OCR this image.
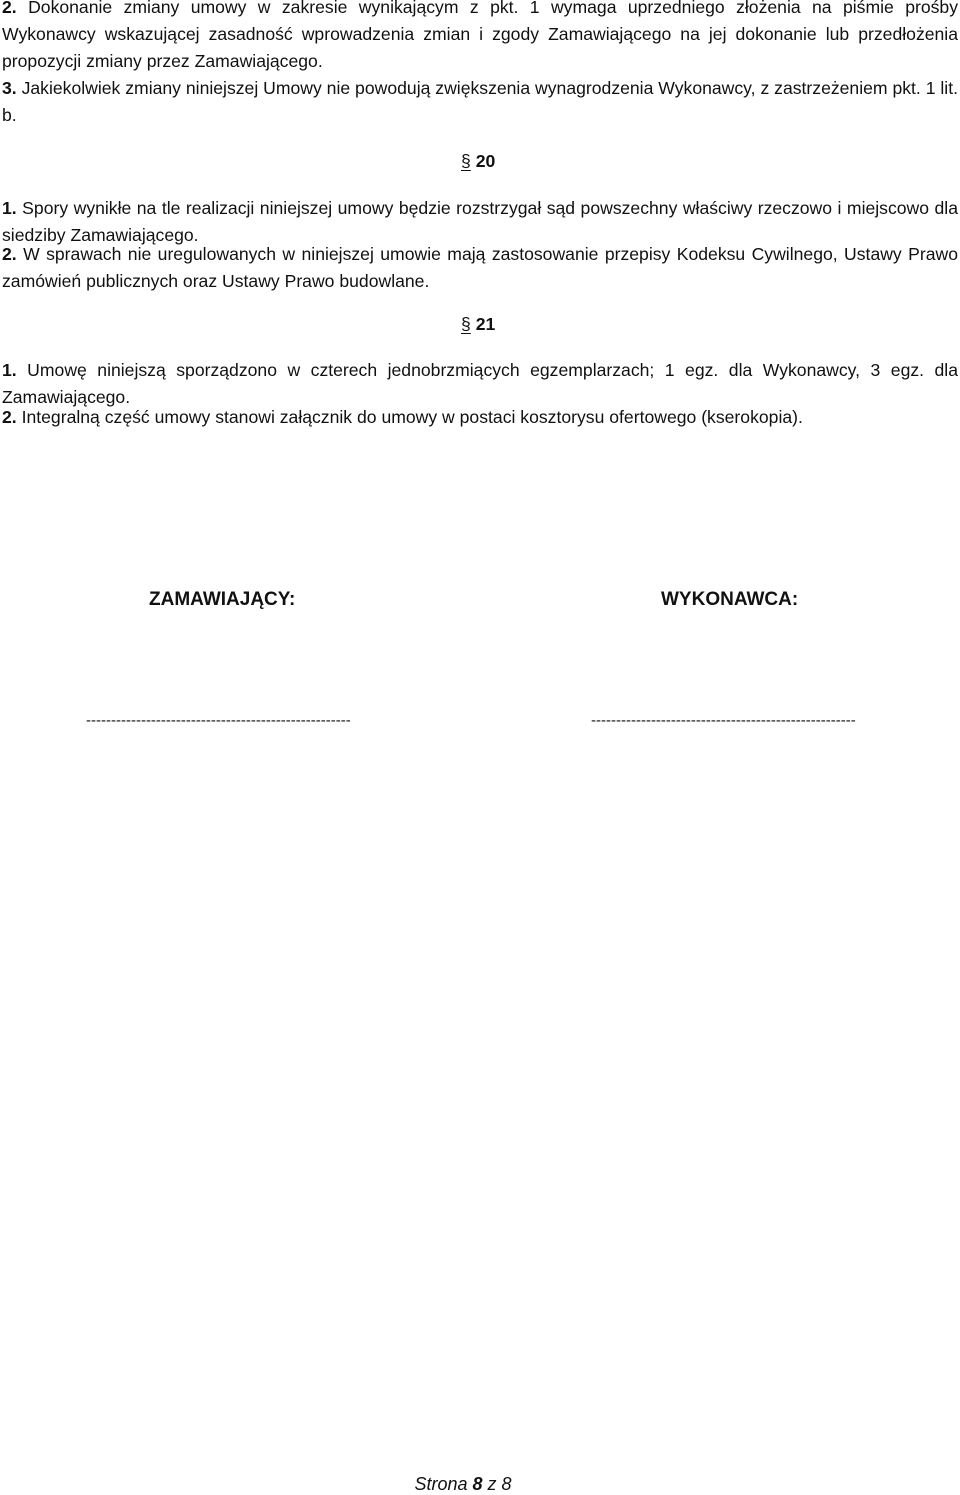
2. Dokonanie zmiany umowy w zakresie wynikającym z pkt. 1 wymaga uprzedniego złożenia na piśmie prośby Wykonawcy wskazującej zasadność wprowadzenia zmian i zgody Zamawiającego na jej dokonanie lub przedłożenia propozycji zmiany przez Zamawiającego.
3. Jakiekolwiek zmiany niniejszej Umowy nie powodują zwiększenia wynagrodzenia Wykonawcy, z zastrzeżeniem pkt. 1 lit. b.
§ 20
1. Spory wynikłe na tle realizacji niniejszej umowy będzie rozstrzygał sąd powszechny właściwy rzeczowo i miejscowo dla siedziby Zamawiającego.
2. W sprawach nie uregulowanych w niniejszej umowie mają zastosowanie przepisy Kodeksu Cywilnego, Ustawy Prawo zamówień publicznych oraz Ustawy Prawo budowlane.
§ 21
1. Umowę niniejszą sporządzono w czterech jednobrzmiących egzemplarzach; 1 egz. dla Wykonawcy, 3 egz. dla Zamawiającego.
2. Integralną część umowy stanowi załącznik do umowy w postaci kosztorysu ofertowego (kserokopia).
ZAMAWIAJĄCY:	WYKONAWCA:
-----------------------------------------------------	-----------------------------------------------------
Strona 8 z 8
